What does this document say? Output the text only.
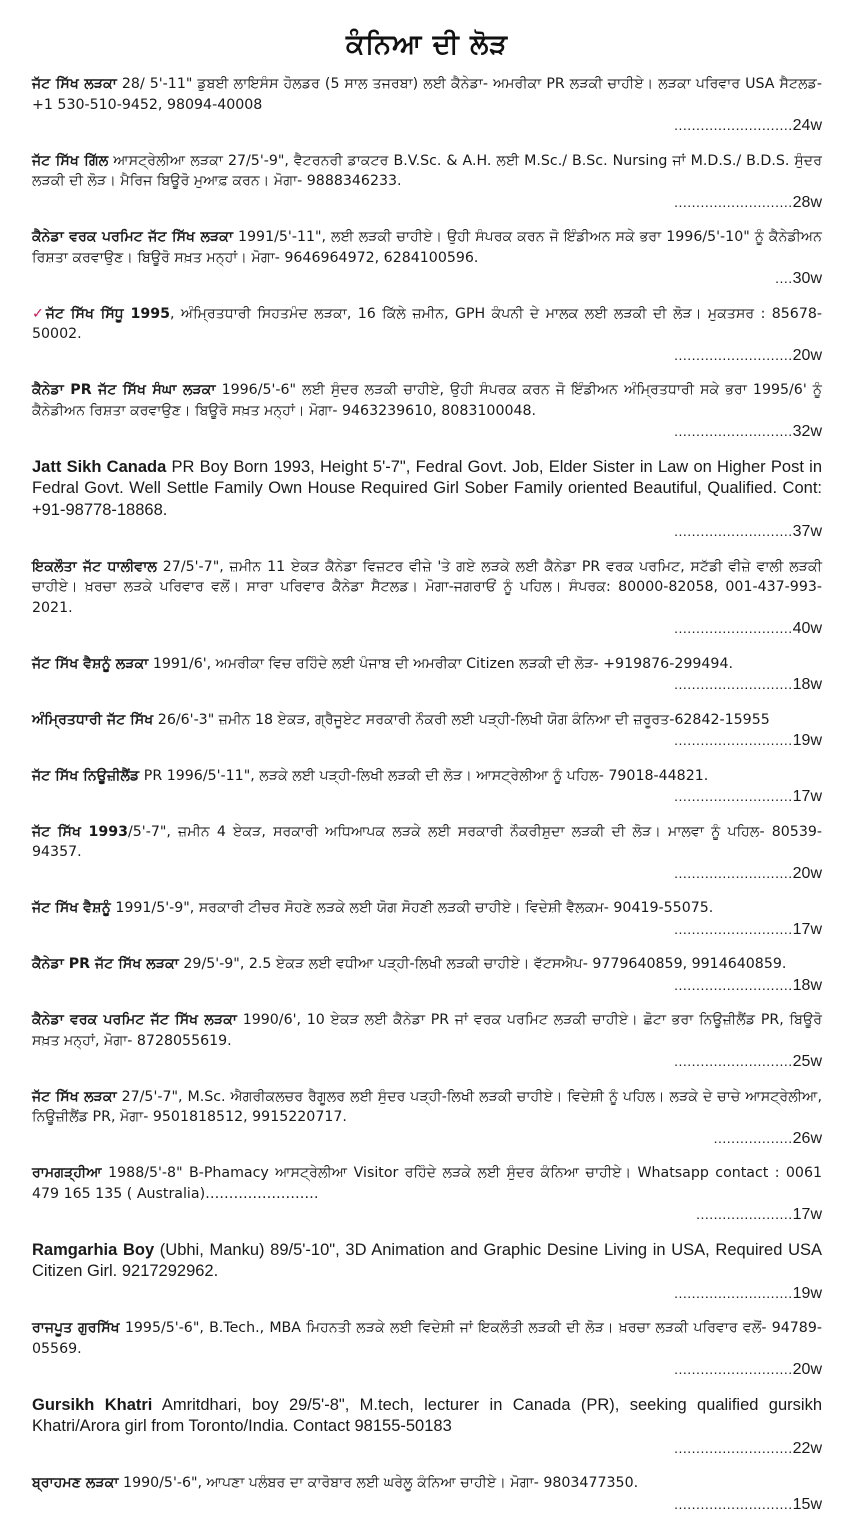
ਕੰਨਿਆ ਦੀ ਲੋੜ
ਜੱਟ ਸਿੱਖ ਲੜਕਾ 28/ 5'-11" ਡੁਬਈ ਲਾਇਸੰਸ ਹੋਲਡਰ (5 ਸਾਲ ਤਜਰਬਾ) ਲਈ ਕੈਨੇਡਾ- ਅਮਰੀਕਾ PR ਲੜਕੀ ਚਾਹੀਏ। ਲੜਕਾ ਪਰਿਵਾਰ USA ਸੈਟਲਡ- +1 530-510-9452, 98094-40008
...........................24w
ਜੱਟ ਸਿੱਖ ਗਿੱਲ ਆਸਟ੍ਰੇਲੀਆ ਲੜਕਾ 27/5'-9", ਵੈਟਰਨਰੀ ਡਾਕਟਰ B.V.Sc. & A.H. ਲਈ M.Sc./ B.Sc. Nursing ਜਾਂ M.D.S./ B.D.S. ਸੁੰਦਰ ਲੜਕੀ ਦੀ ਲੋੜ। ਮੈਰਿਜ ਬਿਊਰੋ ਮੁਆਫ਼ ਕਰਨ। ਮੋਗਾ- 9888346233.
...........................28w
ਕੈਨੇਡਾ ਵਰਕ ਪਰਮਿਟ ਜੱਟ ਸਿੱਖ ਲੜਕਾ 1991/5'-11", ਲਈ ਲੜਕੀ ਚਾਹੀਏ। ਉਹੀ ਸੰਪਰਕ ਕਰਨ ਜੋ ਇੰਡੀਅਨ ਸਕੇ ਭਰਾ 1996/5'-10" ਨੂੰ ਕੈਨੇਡੀਅਨ ਰਿਸ਼ਤਾ ਕਰਵਾਉਣ। ਬਿਊਰੋ ਸਖ਼ਤ ਮਨ੍ਹਾਂ। ਮੋਗਾ- 9646964972, 6284100596.
....30w
✓ਜੱਟ ਸਿੱਖ ਸਿੱਧੂ 1995, ਅੰਮ੍ਰਿਤਧਾਰੀ ਸਿਹਤਮੰਦ ਲੜਕਾ, 16 ਕਿੱਲੇ ਜ਼ਮੀਨ, GPH ਕੰਪਨੀ ਦੇ ਮਾਲਕ ਲਈ ਲੜਕੀ ਦੀ ਲੋੜ। ਮੁਕਤਸਰ : 85678-50002.
...........................20w
ਕੈਨੇਡਾ PR ਜੱਟ ਸਿੱਖ ਸੰਘਾ ਲੜਕਾ 1996/5'-6" ਲਈ ਸੁੰਦਰ ਲੜਕੀ ਚਾਹੀਏ, ਉਹੀ ਸੰਪਰਕ ਕਰਨ ਜੋ ਇੰਡੀਅਨ ਅੰਮ੍ਰਿਤਧਾਰੀ ਸਕੇ ਭਰਾ 1995/6' ਨੂੰ ਕੈਨੇਡੀਅਨ ਰਿਸ਼ਤਾ ਕਰਵਾਉਣ। ਬਿਊਰੋ ਸਖ਼ਤ ਮਨ੍ਹਾਂ। ਮੋਗਾ- 9463239610, 8083100048.
...........................32w
Jatt Sikh Canada PR Boy Born 1993, Height 5'-7", Fedral Govt. Job, Elder Sister in Law on Higher Post in Fedral Govt. Well Settle Family Own House Required Girl Sober Family oriented Beautiful, Qualified. Cont: +91-98778-18868.
...........................37w
ਇਕਲੌਤਾ ਜੱਟ ਧਾਲੀਵਾਲ 27/5'-7", ਜ਼ਮੀਨ 11 ਏਕੜ ਕੈਨੇਡਾ ਵਿਜ਼ਟਰ ਵੀਜ਼ੇ 'ਤੇ ਗਏ ਲੜਕੇ ਲਈ ਕੈਨੇਡਾ PR ਵਰਕ ਪਰਮਿਟ, ਸਟੱਡੀ ਵੀਜ਼ੇ ਵਾਲੀ ਲੜਕੀ ਚਾਹੀਏ। ਖ਼ਰਚਾ ਲੜਕੇ ਪਰਿਵਾਰ ਵਲੋਂ। ਸਾਰਾ ਪਰਿਵਾਰ ਕੈਨੇਡਾ ਸੈਟਲਡ। ਮੋਗਾ-ਜਗਰਾਓਂ ਨੂੰ ਪਹਿਲ। ਸੰਪਰਕ: 80000-82058, 001-437-993-2021.
...........................40w
ਜੱਟ ਸਿੱਖ ਵੈਸ਼ਨੂੰ ਲੜਕਾ 1991/6', ਅਮਰੀਕਾ ਵਿਚ ਰਹਿੰਦੇ ਲਈ ਪੰਜਾਬ ਦੀ ਅਮਰੀਕਾ Citizen ਲੜਕੀ ਦੀ ਲੋੜ- +919876-299494.
...........................18w
ਅੰਮ੍ਰਿਤਧਾਰੀ ਜੱਟ ਸਿੱਖ 26/6'-3" ਜ਼ਮੀਨ 18 ਏਕੜ, ਗ੍ਰੈਜੂਏਟ ਸਰਕਾਰੀ ਨੌਕਰੀ ਲਈ ਪੜ੍ਹੀ-ਲਿਖੀ ਯੋਗ ਕੰਨਿਆ ਦੀ ਜ਼ਰੂਰਤ-62842-15955
...........................19w
ਜੱਟ ਸਿੱਖ ਨਿਊਜ਼ੀਲੈਂਡ PR 1996/5'-11", ਲੜਕੇ ਲਈ ਪੜ੍ਹੀ-ਲਿਖੀ ਲੜਕੀ ਦੀ ਲੋੜ। ਆਸਟ੍ਰੇਲੀਆ ਨੂੰ ਪਹਿਲ- 79018-44821.
...........................17w
ਜੱਟ ਸਿੱਖ 1993/5'-7", ਜ਼ਮੀਨ 4 ਏਕੜ, ਸਰਕਾਰੀ ਅਧਿਆਪਕ ਲੜਕੇ ਲਈ ਸਰਕਾਰੀ ਨੌਕਰੀਸ਼ੁਦਾ ਲੜਕੀ ਦੀ ਲੋੜ। ਮਾਲਵਾ ਨੂੰ ਪਹਿਲ- 80539-94357.
...........................20w
ਜੱਟ ਸਿੱਖ ਵੈਸ਼ਨੂੰ 1991/5'-9", ਸਰਕਾਰੀ ਟੀਚਰ ਸੋਹਣੇ ਲੜਕੇ ਲਈ ਯੋਗ ਸੋਹਣੀ ਲੜਕੀ ਚਾਹੀਏ। ਵਿਦੇਸ਼ੀ ਵੈਲਕਮ- 90419-55075.
...........................17w
ਕੈਨੇਡਾ PR ਜੱਟ ਸਿੱਖ ਲੜਕਾ 29/5'-9", 2.5 ਏਕੜ ਲਈ ਵਧੀਆ ਪੜ੍ਹੀ-ਲਿਖੀ ਲੜਕੀ ਚਾਹੀਏ। ਵੱਟਸਐਪ- 9779640859, 9914640859.
...........................18w
ਕੈਨੇਡਾ ਵਰਕ ਪਰਮਿਟ ਜੱਟ ਸਿੱਖ ਲੜਕਾ 1990/6', 10 ਏਕੜ ਲਈ ਕੈਨੇਡਾ PR ਜਾਂ ਵਰਕ ਪਰਮਿਟ ਲੜਕੀ ਚਾਹੀਏ। ਛੋਟਾ ਭਰਾ ਨਿਊਜ਼ੀਲੈਂਡ PR, ਬਿਊਰੋ ਸਖ਼ਤ ਮਨ੍ਹਾਂ, ਮੋਗਾ- 8728055619.
...........................25w
ਜੱਟ ਸਿੱਖ ਲੜਕਾ 27/5'-7", M.Sc. ਐਗਰੀਕਲਚਰ ਰੈਗੂਲਰ ਲਈ ਸੁੰਦਰ ਪੜ੍ਹੀ-ਲਿਖੀ ਲੜਕੀ ਚਾਹੀਏ। ਵਿਦੇਸ਼ੀ ਨੂੰ ਪਹਿਲ। ਲੜਕੇ ਦੇ ਚਾਚੇ ਆਸਟ੍ਰੇਲੀਆ, ਨਿਊਜ਼ੀਲੈਂਡ PR, ਮੋਗਾ- 9501818512, 9915220717.
..................26w
ਰਾਮਗੜ੍ਹੀਆ 1988/5'-8" B-Phamacy ਆਸਟ੍ਰੇਲੀਆ Visitor ਰਹਿੰਦੇ ਲੜਕੇ ਲਈ ਸੁੰਦਰ ਕੰਨਿਆ ਚਾਹੀਏ। Whatsapp contact : 0061 479 165 135 ( Australia)……………………
......................17w
Ramgarhia Boy (Ubhi, Manku) 89/5'-10", 3D Animation and Graphic Desine Living in USA, Required USA Citizen Girl. 9217292962.
...........................19w
ਰਾਜਪੂਤ ਗੁਰਸਿੱਖ 1995/5'-6", B.Tech., MBA ਮਿਹਨਤੀ ਲੜਕੇ ਲਈ ਵਿਦੇਸ਼ੀ ਜਾਂ ਇਕਲੌਤੀ ਲੜਕੀ ਦੀ ਲੋੜ। ਖ਼ਰਚਾ ਲੜਕੀ ਪਰਿਵਾਰ ਵਲੋਂ- 94789-05569.
...........................20w
Gursikh Khatri Amritdhari, boy 29/5'-8", M.tech, lecturer in Canada (PR), seeking qualified gursikh Khatri/Arora girl from Toronto/India. Contact 98155-50183
...........................22w
ਬ੍ਰਾਹਮਣ ਲੜਕਾ 1990/5'-6", ਆਪਣਾ ਪਲੰਬਰ ਦਾ ਕਾਰੋਬਾਰ ਲਈ ਘਰੇਲੂ ਕੰਨਿਆ ਚਾਹੀਏ। ਮੋਗਾ- 9803477350.
...........................15w
